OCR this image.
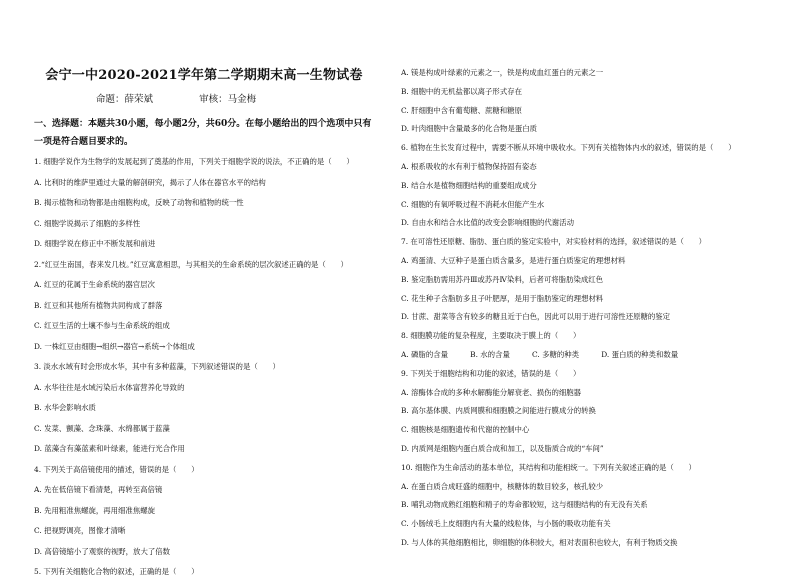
会宁一中2020-2021学年第二学期期末高一生物试卷
命题：薛荣斌	审核：马金梅
一、选择题：本题共30小题，每小题2分，共60分。在每小题给出的四个选项中只有一项是符合题目要求的。
1. 细胞学说作为生物学的发展起到了奠基的作用，下列关于细胞学说的说法，不正确的是（　　）
A. 比利时的维萨里通过大量的解剖研究，揭示了人体在器官水平的结构
B. 揭示植物和动物都是由细胞构成，反映了动物和植物的统一性
C. 细胞学说揭示了细胞的多样性
D. 细胞学说在修正中不断发展和前进
2.“红豆生南国，春来发几枝。”红豆寓意相思，与其相关的生命系统的层次叙述正确的是（　　）
A. 红豆的花属于生命系统的器官层次
B. 红豆和其他所有植物共同构成了群落
C. 红豆生活的土壤不参与生命系统的组成
D. 一株红豆由细胞→组织→器官→系统→个体组成
3. 淡水水域有时会形成水华，其中有多种蓝藻，下列叙述错误的是（　　）
A. 水华往往是水域污染后水体富营养化导致的
B. 水华会影响水质
C. 发菜、颤藻、念珠藻、水绵都属于蓝藻
D. 蓝藻含有藻蓝素和叶绿素，能进行光合作用
4. 下列关于高倍镜使用的描述，错误的是（　　）
A. 先在低倍镜下看清楚，再转至高倍镜
B. 先用粗准焦螺旋，再用细准焦螺旋
C. 把视野调亮，图像才清晰
D. 高倍镜缩小了观察的视野，放大了倍数
5. 下列有关细胞化合物的叙述，正确的是（　　）
A. 镁是构成叶绿素的元素之一，铁是构成血红蛋白的元素之一
B. 细胞中的无机盐都以离子形式存在
C. 肝细胞中含有葡萄糖、蔗糖和糖原
D. 叶肉细胞中含量最多的化合物是蛋白质
6. 植物在生长发育过程中，需要不断从环境中吸收水。下列有关植物体内水的叙述，错误的是（　　）
A. 根系吸收的水有利于植物保持固有姿态
B. 结合水是植物细胞结构的重要组成成分
C. 细胞的有氧呼吸过程不消耗水但能产生水
D. 自由水和结合水比值的改变会影响细胞的代谢活动
7. 在可溶性还原糖、脂肪、蛋白质的鉴定实验中，对实验材料的选择，叙述错误的是（　　）
A. 鸡蛋清、大豆种子是蛋白质含量多，是进行蛋白质鉴定的理想材料
B. 鉴定脂肪需用苏丹Ⅲ或苏丹Ⅳ染料，后者可将脂肪染成红色
C. 花生种子含脂肪多且子叶肥厚，是用于脂肪鉴定的理想材料
D. 甘蔗、甜菜等含有较多的糖且近于白色，因此可以用于进行可溶性还原糖的鉴定
8. 细胞膜功能的复杂程度，主要取决于膜上的（　　）
A. 磷脂的含量　　　B. 水的含量　　　C. 多糖的种类　　　D. 蛋白质的种类和数量
9. 下列关于细胞结构和功能的叙述，错误的是（　　）
A. 溶酶体合成的多种水解酶能分解衰老、损伤的细胞器
B. 高尔基体膜、内质网膜和细胞膜之间能进行膜成分的转换
C. 细胞核是细胞遗传和代谢的控制中心
D. 内质网是细胞内蛋白质合成和加工，以及脂质合成的“车间”
10. 细胞作为生命活动的基本单位，其结构和功能相统一。下列有关叙述正确的是（　　）
A. 在蛋白质合成旺盛的细胞中，核糖体的数目较多，核孔较少
B. 哺乳动物成熟红细胞和精子的寿命都较短，这与细胞结构的有无没有关系
C. 小肠绒毛上皮细胞内有大量的线粒体，与小肠的吸收功能有关
D. 与人体的其他细胞相比，卵细胞的体积较大，相对表面积也较大，有利于物质交换
